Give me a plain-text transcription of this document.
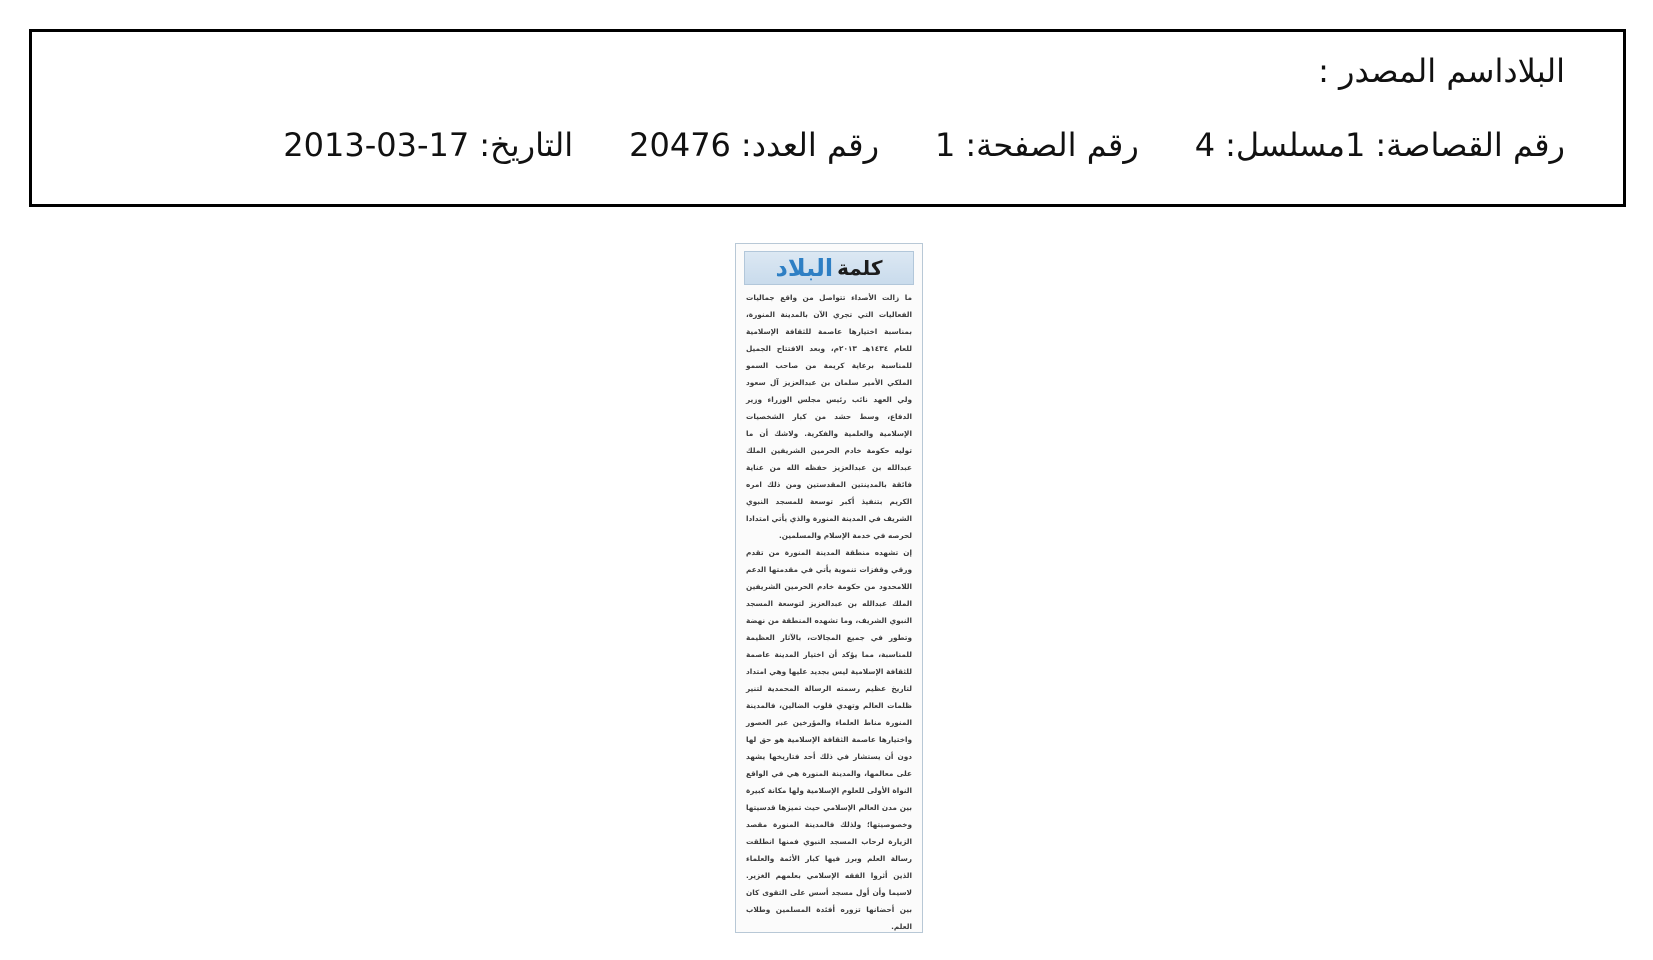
اسم المصدر : البلاد
التاريخ:2013-03-17	رقم العدد:20476	رقم الصفحة:1	مسلسل:4	رقم القصاصة:1
كلمة
البلاد
ما زالت الأصداء تتواصل من واقع جماليات الفعاليات التي تجري الآن بالمدينة المنورة، بمناسبة اختيارها عاصمة للثقافة الإسلامية للعام ١٤٣٤هـ ٢٠١٣م، وبعد الافتتاح الجميل للمناسبة برعاية كريمة من صاحب السمو الملكي الأمير سلمان بن عبدالعزيز آل سعود ولي العهد نائب رئيس مجلس الوزراء وزير الدفاع، وسط حشد من كبار الشخصيات الإسلامية والعلمية والفكرية. ولاشك أن ما توليه حكومة خادم الحرمين الشريفين الملك عبدالله بن عبدالعزيز حفظه الله من عناية فائقة بالمدينتين المقدستين ومن ذلك امره الكريم بتنفيذ أكبر توسعة للمسجد النبوي الشريف في المدينة المنورة والذي يأتي امتدادا لحرصه في خدمة الإسلام والمسلمين.
إن تشهده منطقة المدينة المنورة من تقدم ورقي وقفزات تنموية يأتي في مقدمتها الدعم اللامحدود من حكومة خادم الحرمين الشريفين الملك عبدالله بن عبدالعزيز لتوسعة المسجد النبوي الشريف، وما تشهده المنطقة من نهضة وتطور في جميع المجالات، بالآثار العظيمة للمناسبة، مما يؤكد أن اختيار المدينة عاصمة للثقافة الإسلامية ليس بجديد عليها وهي امتداد لتاريخ عظيم رسمته الرسالة المحمدية لتنير ظلمات العالم وتهدي قلوب الضالين، فالمدينة المنورة مناط العلماء والمؤرخين عبر العصور واختيارها عاصمة الثقافة الإسلامية هو حق لها دون أن يستشار في ذلك أحد فتاريخها يشهد على معالمها، والمدينة المنورة هي في الواقع النواة الأولى للعلوم الإسلامية ولها مكانة كبيرة بين مدن العالم الإسلامي حيث تميزها قدسيتها وخصوصيتها؛ ولذلك فالمدينة المنورة مقصد الزيارة لرحاب المسجد النبوي فمنها انطلقت رسالة العلم وبرز فيها كبار الأئمة والعلماء الذين أثروا الفقه الإسلامي بعلمهم الغزير. لاسيما وأن أول مسجد أسس على التقوى كان بين أحضانها تزوره أفئدة المسلمين وطلاب العلم.
